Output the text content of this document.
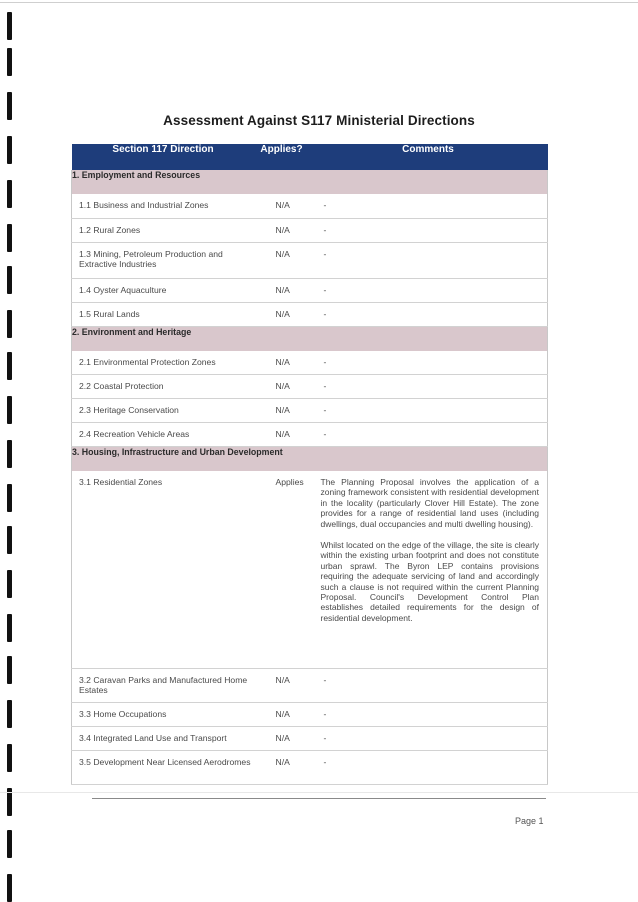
Assessment Against S117 Ministerial Directions
Section 117 Direction	Applies?	Comments
1. Employment and Resources		
1.1 Business and Industrial Zones	N/A	-
1.2 Rural Zones	N/A	-
1.3 Mining, Petroleum Production and Extractive Industries	N/A	-
1.4 Oyster Aquaculture	N/A	-
1.5 Rural Lands	N/A	-
2. Environment and Heritage		
2.1 Environmental Protection Zones	N/A	-
2.2 Coastal Protection	N/A	-
2.3 Heritage Conservation	N/A	-
2.4 Recreation Vehicle Areas	N/A	-
3. Housing, Infrastructure and Urban Development		
3.1 Residential Zones	Applies	The Planning Proposal involves the application of a zoning framework consistent with residential development in the locality (particularly Clover Hill Estate). The zone provides for a range of residential land uses (including dwellings, dual occupancies and multi dwelling housing).
Whilst located on the edge of the village, the site is clearly within the existing urban footprint and does not constitute urban sprawl. The Byron LEP contains provisions requiring the adequate servicing of land and accordingly such a clause is not required within the current Planning Proposal. Council's Development Control Plan establishes detailed requirements for the design of residential development.

3.2 Caravan Parks and Manufactured Home Estates	N/A	-
3.3 Home Occupations	N/A	-
3.4 Integrated Land Use and Transport	N/A	-
3.5 Development Near Licensed Aerodromes	N/A	-
Page 1
